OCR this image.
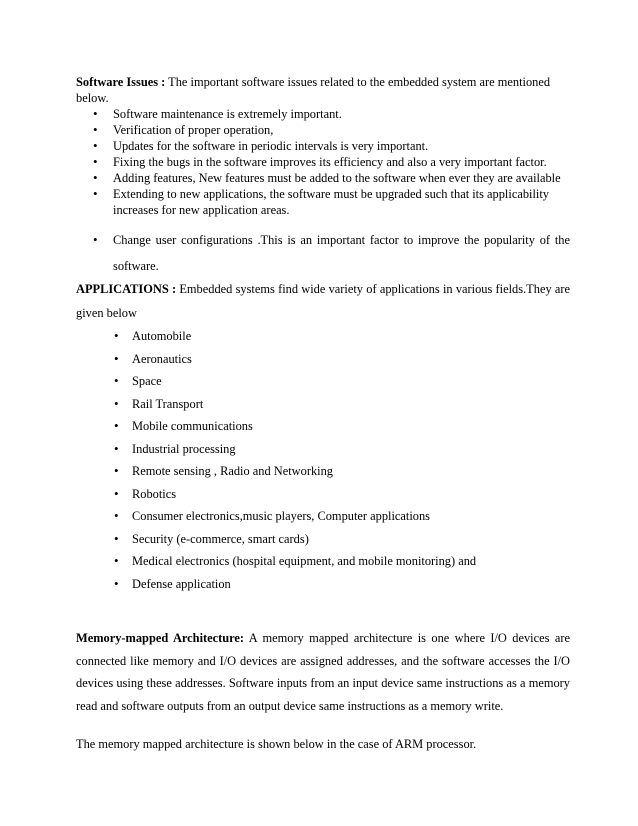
Software Issues : The important software issues related to the embedded system are mentioned below.

• Software maintenance is extremely important.
• Verification of proper operation,
• Updates for the software in periodic intervals is very important.
• Fixing the bugs in the software improves its efficiency and also a very important factor.
• Adding features, New features must be added to the software when ever they are available
• Extending to new applications, the software must be upgraded such that its applicability increases for new application areas.
• Change user configurations .This is an important factor to improve the popularity of the software.

APPLICATIONS : Embedded systems find wide variety of applications in various fields.They are given below

• Automobile
• Aeronautics
• Space
• Rail Transport
• Mobile communications
• Industrial processing
• Remote sensing , Radio and Networking
• Robotics
• Consumer electronics,music players, Computer applications
• Security (e-commerce, smart cards)
• Medical electronics (hospital equipment, and mobile monitoring) and
• Defense application

Memory-mapped Architecture: A memory mapped architecture is one where I/O devices are connected like memory and I/O devices are assigned addresses, and the software accesses the I/O devices using these addresses. Software inputs from an input device same instructions as a memory read and software outputs from an output device same instructions as a memory write.

The memory mapped architecture is shown below in the case of ARM processor.
